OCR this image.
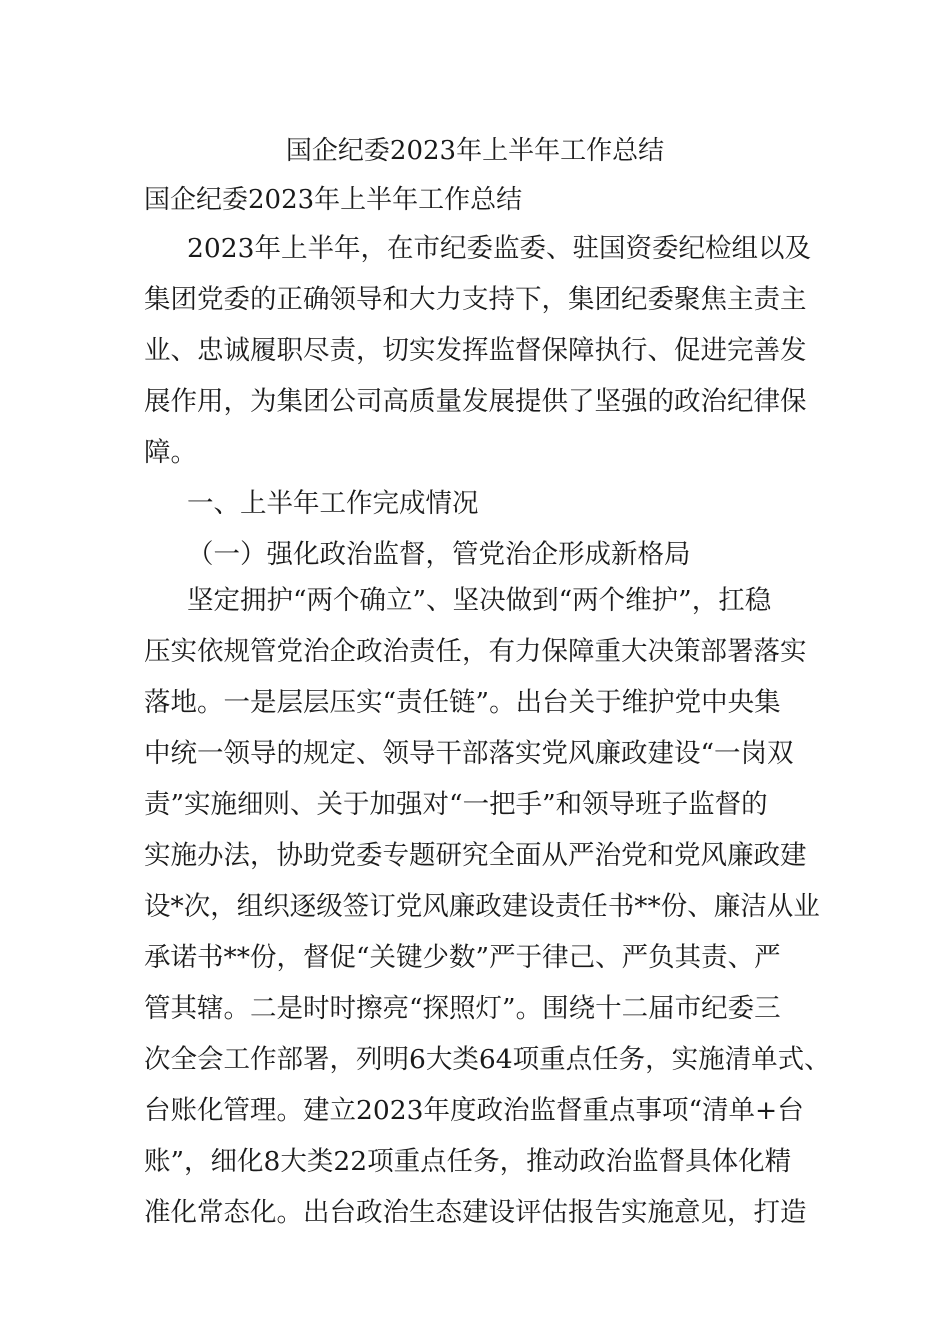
国企纪委2023年上半年工作总结
国企纪委2023年上半年工作总结
2023年上半年，在市纪委监委、驻国资委纪检组以及
集团党委的正确领导和大力支持下，集团纪委聚焦主责主
业、忠诚履职尽责，切实发挥监督保障执行、促进完善发
展作用，为集团公司高质量发展提供了坚强的政治纪律保
障。
一、上半年工作完成情况
（一）强化政治监督，管党治企形成新格局
坚定拥护“两个确立”、坚决做到“两个维护”，扛稳
压实依规管党治企政治责任，有力保障重大决策部署落实
落地。一是层层压实“责任链”。出台关于维护党中央集
中统一领导的规定、领导干部落实党风廉政建设“一岗双
责”实施细则、关于加强对“一把手”和领导班子监督的
实施办法，协助党委专题研究全面从严治党和党风廉政建
设*次，组织逐级签订党风廉政建设责任书**份、廉洁从业
承诺书**份，督促“关键少数”严于律己、严负其责、严
管其辖。二是时时擦亮“探照灯”。围绕十二届市纪委三
次全会工作部署，列明6大类64项重点任务，实施清单式、
台账化管理。建立2023年度政治监督重点事项“清单+台
账”，细化8大类22项重点任务，推动政治监督具体化精
准化常态化。出台政治生态建设评估报告实施意见，打造
